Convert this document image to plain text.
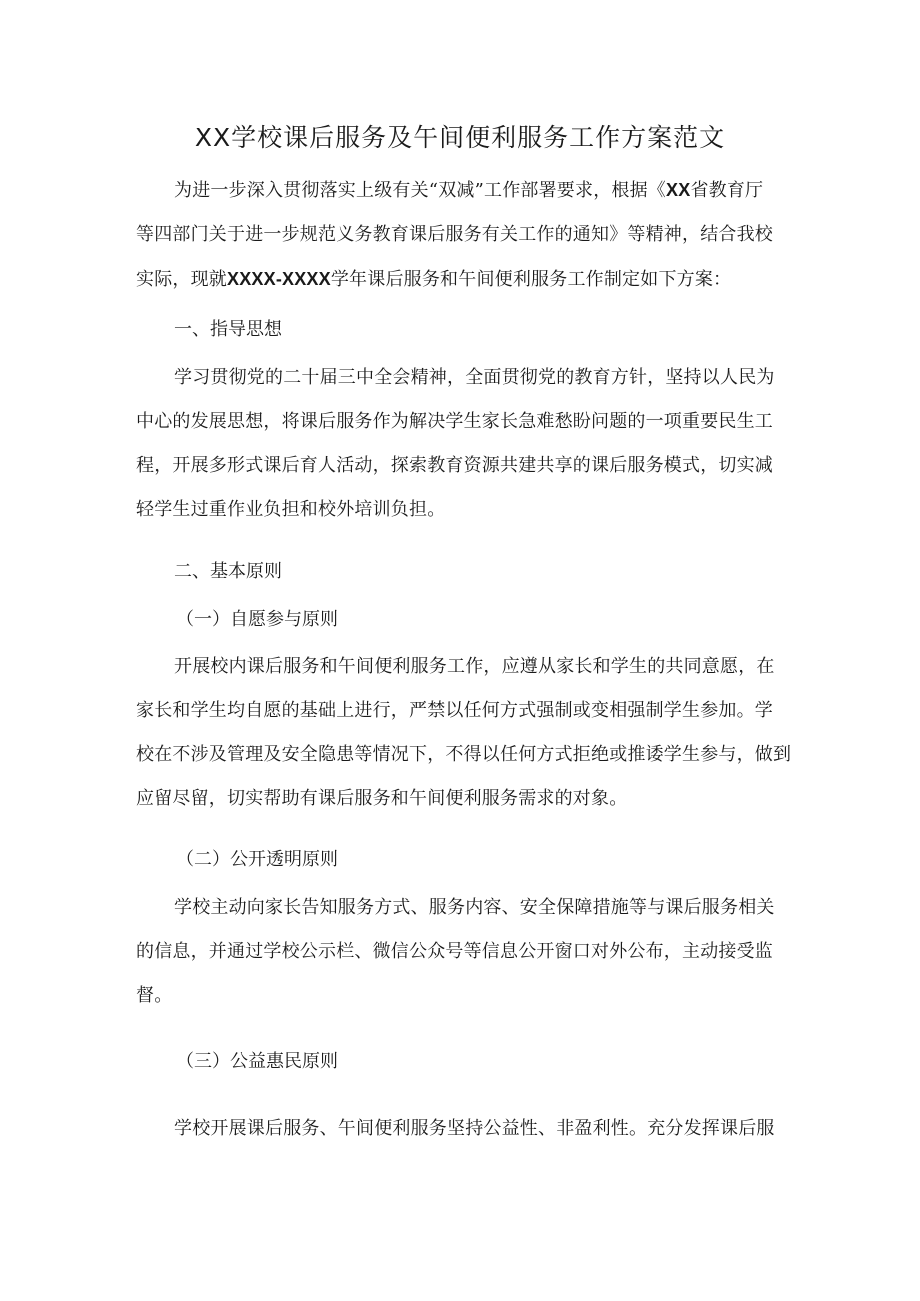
XX学校课后服务及午间便利服务工作方案范文
为进一步深入贯彻落实上级有关“双减”工作部署要求，根据《XX省教育厅
等四部门关于进一步规范义务教育课后服务有关工作的通知》等精神，结合我校
实际，现就XXXX-XXXX学年课后服务和午间便利服务工作制定如下方案：

一、指导思想

学习贯彻党的二十届三中全会精神，全面贯彻党的教育方针，坚持以人民为
中心的发展思想，将课后服务作为解决学生家长急难愁盼问题的一项重要民生工
程，开展多形式课后育人活动，探索教育资源共建共享的课后服务模式，切实减
轻学生过重作业负担和校外培训负担。

二、基本原则

（一）自愿参与原则

开展校内课后服务和午间便利服务工作，应遵从家长和学生的共同意愿，在
家长和学生均自愿的基础上进行，严禁以任何方式强制或变相强制学生参加。学
校在不涉及管理及安全隐患等情况下，不得以任何方式拒绝或推诿学生参与，做到
应留尽留，切实帮助有课后服务和午间便利服务需求的对象。

（二）公开透明原则

学校主动向家长告知服务方式、服务内容、安全保障措施等与课后服务相关
的信息，并通过学校公示栏、微信公众号等信息公开窗口对外公布，主动接受监
督。

（三）公益惠民原则

学校开展课后服务、午间便利服务坚持公益性、非盈利性。充分发挥课后服
